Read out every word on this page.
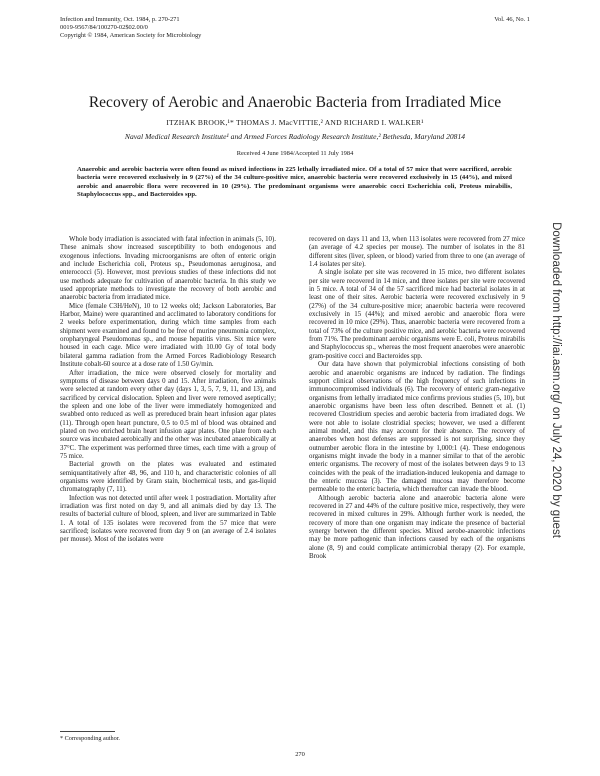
Infection and Immunity, Oct. 1984, p. 270-271
0019-9567/84/100270-02$02.00/0
Copyright © 1984, American Society for Microbiology
Vol. 46, No. 1
Recovery of Aerobic and Anaerobic Bacteria from Irradiated Mice
ITZHAK BROOK,¹* THOMAS J. MacVITTIE,² AND RICHARD I. WALKER¹
Naval Medical Research Institute¹ and Armed Forces Radiology Research Institute,² Bethesda, Maryland 20814
Received 4 June 1984/Accepted 11 July 1984
Anaerobic and aerobic bacteria were often found as mixed infections in 225 lethally irradiated mice. Of a total of 57 mice that were sacrificed, aerobic bacteria were recovered exclusively in 9 (27%) of the 34 culture-positive mice, anaerobic bacteria were recovered exclusively in 15 (44%), and mixed aerobic and anaerobic flora were recovered in 10 (29%). The predominant organisms were anaerobic cocci Escherichia coli, Proteus mirabilis, Staphylococcus spp., and Bacteroides spp.

Whole body irradiation is associated with fatal infection in animals (5, 10). These animals show increased susceptibility to both endogenous and exogenous infections. Invading microorganisms are often of enteric origin and include Escherichia coli, Proteus sp., Pseudomonas aeruginosa, and enterococci (5). However, most previous studies of these infections did not use methods adequate for cultivation of anaerobic bacteria. In this study we used appropriate methods to investigate the recovery of both aerobic and anaerobic bacteria from irradiated mice.

Mice (female C3H/HeN), 10 to 12 weeks old; Jackson Laboratories, Bar Harbor, Maine) were quarantined and acclimated to laboratory conditions for 2 weeks before experimentation, during which time samples from each shipment were examined and found to be free of murine pneumonia complex, oropharyngeal Pseudomonas sp., and mouse hepatitis virus. Six mice were housed in each cage. Mice were irradiated with 10.00 Gy of total body bilateral gamma radiation from the Armed Forces Radiobiology Research Institute cobalt-60 source at a dose rate of 1.50 Gy/min.

After irradiation, the mice were observed closely for mortality and symptoms of disease between days 0 and 15. After irradiation, five animals were selected at random every other day (days 1, 3, 5, 7, 9, 11, and 13), and sacrificed by cervical dislocation. Spleen and liver were removed aseptically; the spleen and one lobe of the liver were immediately homogenized and swabbed onto reduced as well as prereduced brain heart infusion agar plates (11). Through open heart puncture, 0.5 to 0.5 ml of blood was obtained and plated on two enriched brain heart infusion agar plates. One plate from each source was incubated aerobically and the other was incubated anaerobically at 37°C. The experiment was performed three times, each time with a group of 75 mice.

Bacterial growth on the plates was evaluated and estimated semiquantitatively after 48, 96, and 110 h, and characteristic colonies of all organisms were identified by Gram stain, biochemical tests, and gas-liquid chromatography (7, 11).

Infection was not detected until after week 1 postradiation. Mortality after irradiation was first noted on day 9, and all animals died by day 13. The results of bacterial culture of blood, spleen, and liver are summarized in Table 1. A total of 135 isolates were recovered from the 57 mice that were sacrificed; isolates were recovered from day 9 on (an average of 2.4 isolates per mouse). Most of the isolates were

recovered on days 11 and 13, when 113 isolates were recovered from 27 mice (an average of 4.2 species per mouse). The number of isolates in the 81 different sites (liver, spleen, or blood) varied from three to one (an average of 1.4 isolates per site).

A single isolate per site was recovered in 15 mice, two different isolates per site were recovered in 14 mice, and three isolates per site were recovered in 5 mice. A total of 34 of the 57 sacrificed mice had bacterial isolates in at least one of their sites. Aerobic bacteria were recovered exclusively in 9 (27%) of the 34 culture-positive mice; anaerobic bacteria were recovered exclusively in 15 (44%); and mixed aerobic and anaerobic flora were recovered in 10 mice (29%). Thus, anaerobic bacteria were recovered from a total of 73% of the culture positive mice, and aerobic bacteria were recovered from 71%. The predominant aerobic organisms were E. coli, Proteus mirabilis and Staphylococcus sp., whereas the most frequent anaerobes were anaerobic gram-positive cocci and Bacteroides spp.

Our data have shown that polymicrobial infections consisting of both aerobic and anaerobic organisms are induced by radiation. The findings support clinical observations of the high frequency of such infections in immunocompromised individuals (6). The recovery of enteric gram-negative organisms from lethally irradiated mice confirms previous studies (5, 10), but anaerobic organisms have been less often described. Bennett et al. (1) recovered Clostridium species and aerobic bacteria from irradiated dogs. We were not able to isolate clostridial species; however, we used a different animal model, and this may account for their absence. The recovery of anaerobes when host defenses are suppressed is not surprising, since they outnumber aerobic flora in the intestine by 1,000:1 (4). These endogenous organisms might invade the body in a manner similar to that of the aerobic enteric organisms. The recovery of most of the isolates between days 9 to 13 coincides with the peak of the irradiation-induced leukopenia and damage to the enteric mucosa (3). The damaged mucosa may therefore become permeable to the enteric bacteria, which thereafter can invade the blood.

Although aerobic bacteria alone and anaerobic bacteria alone were recovered in 27 and 44% of the culture positive mice, respectively, they were recovered in mixed cultures in 29%. Although further work is needed, the recovery of more than one organism may indicate the presence of bacterial synergy between the different species. Mixed aerobe-anaerobic infections may be more pathogenic than infections caused by each of the organisms alone (8, 9) and could complicate antimicrobial therapy (2). For example, Brook

* Corresponding author.
270
Downloaded from http://iai.asm.org/ on July 24, 2020 by guest
